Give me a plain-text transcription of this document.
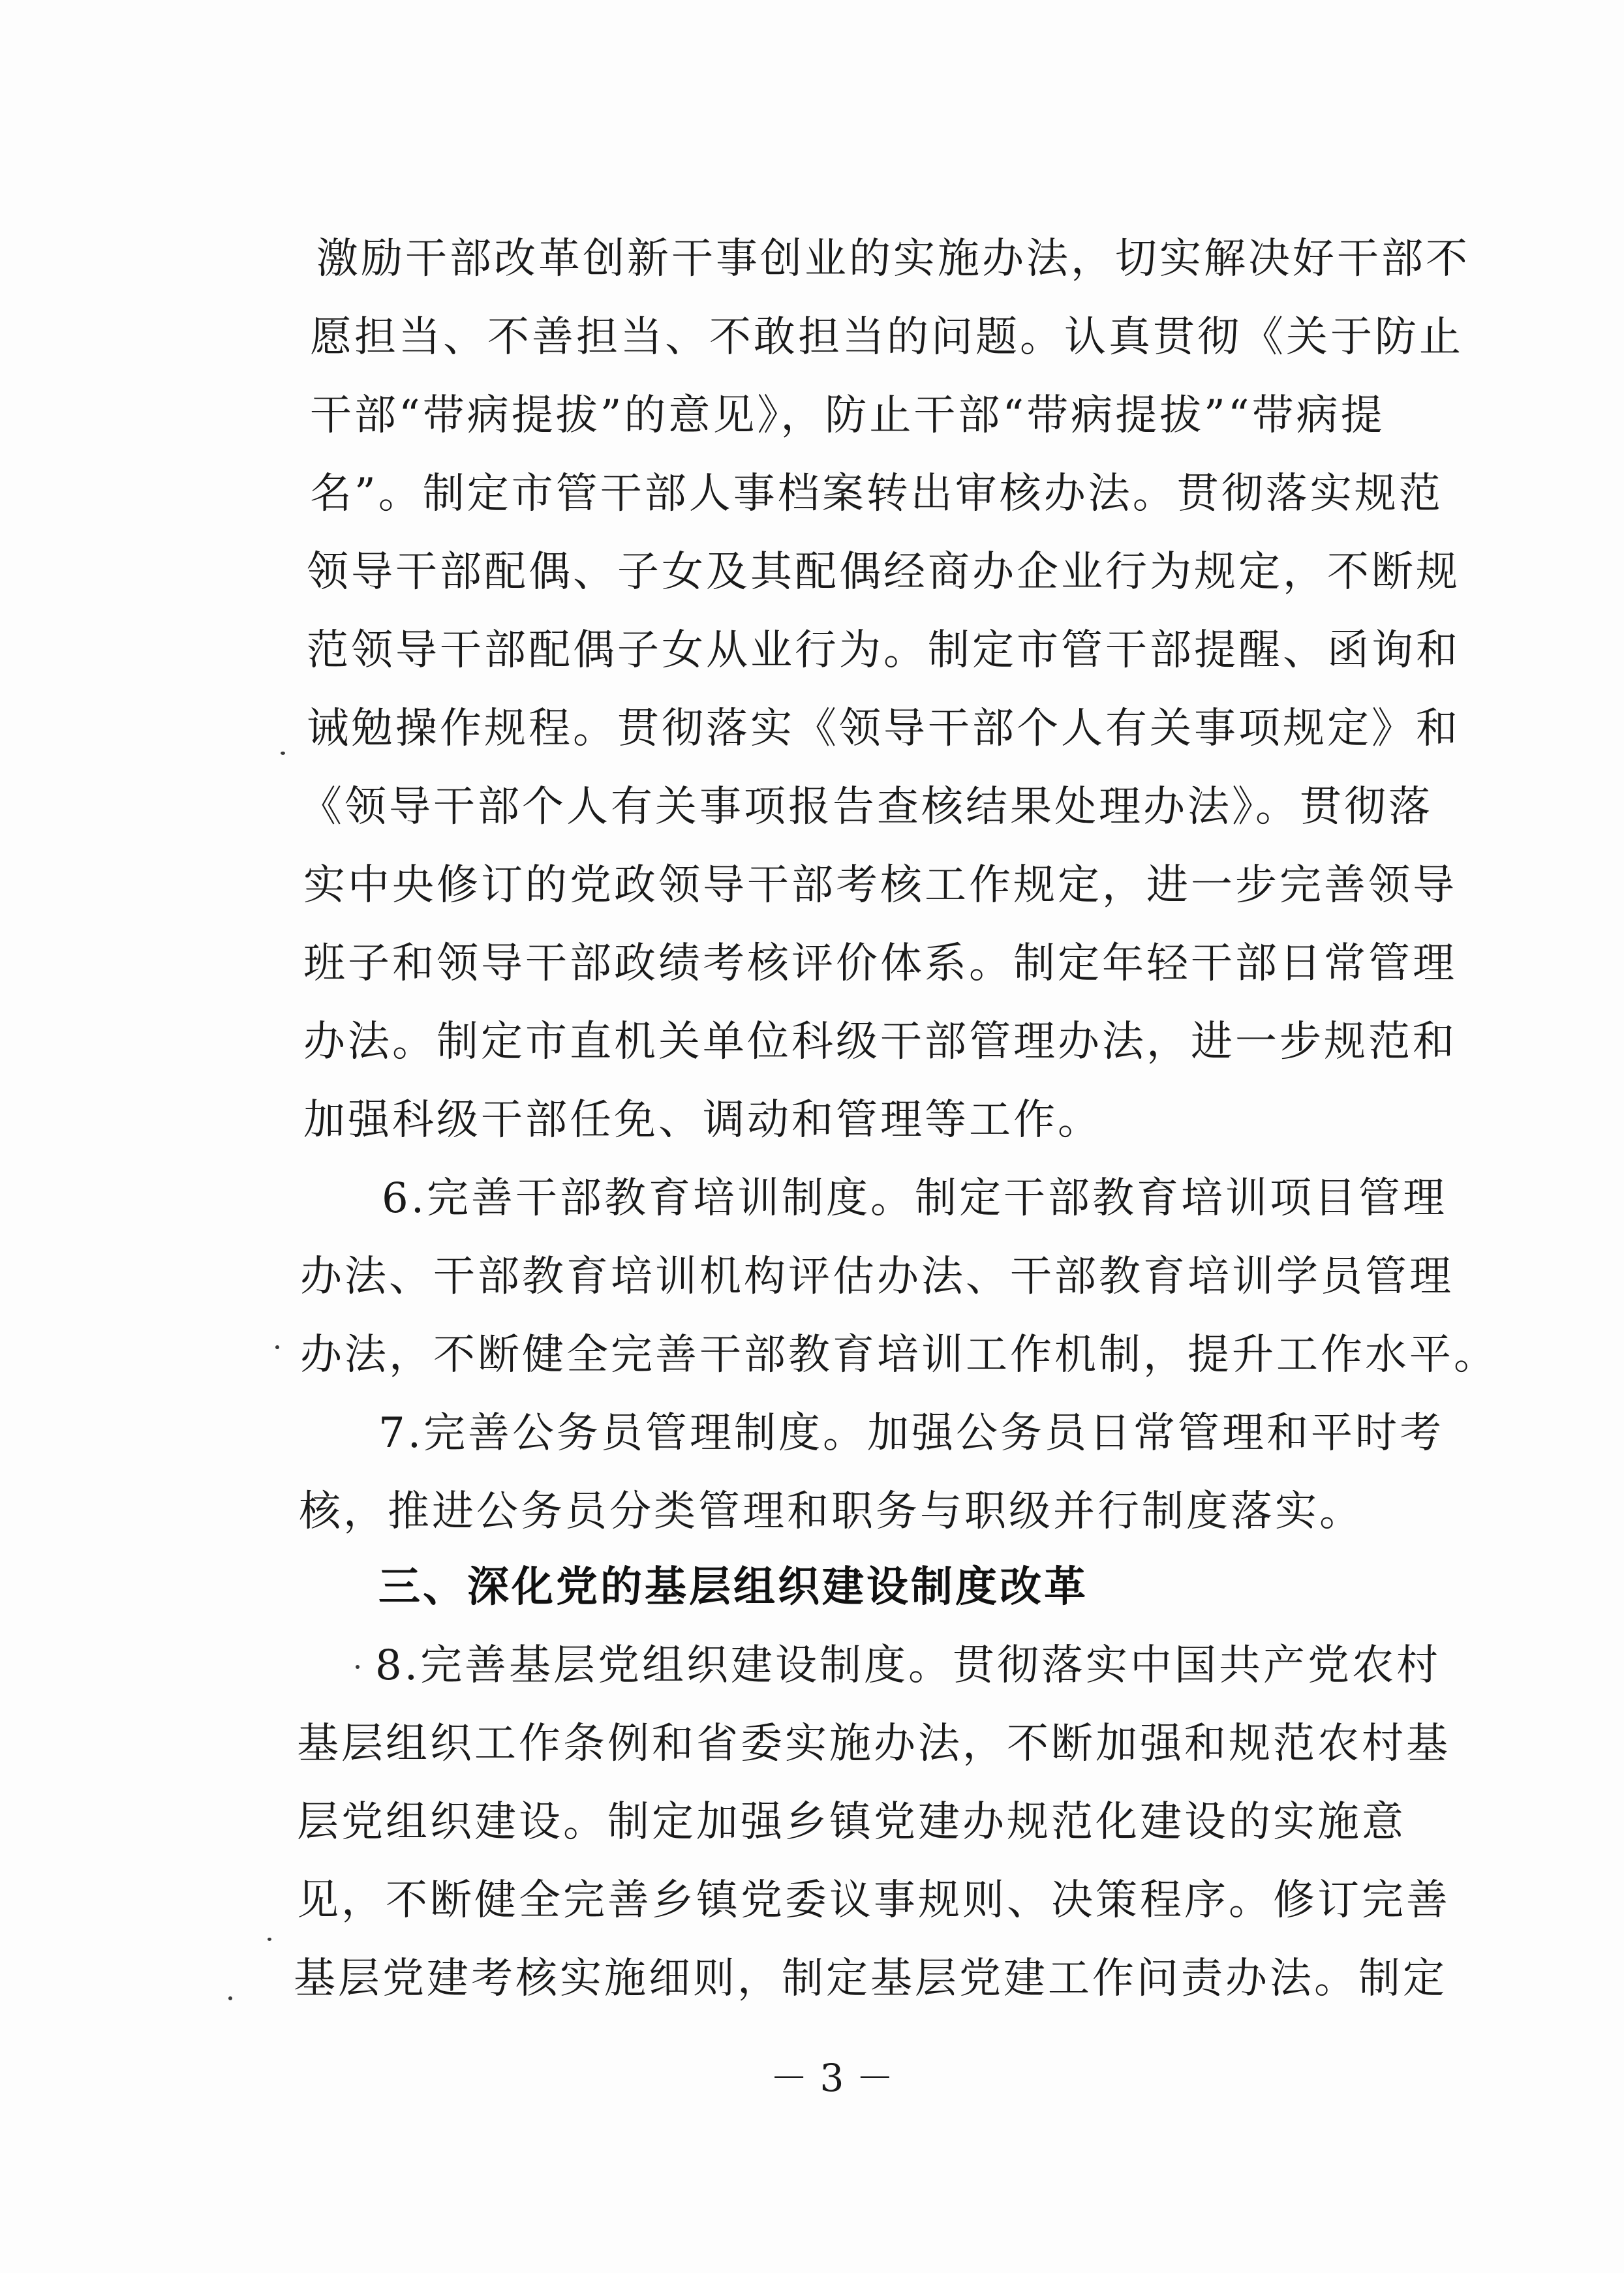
激励干部改革创新干事创业的实施办法，切实解决好干部不
愿担当、不善担当、不敢担当的问题。认真贯彻《关于防止
干部“带病提拔”的意见》，防止干部“带病提拔”“带病提
名”。制定市管干部人事档案转出审核办法。贯彻落实规范
领导干部配偶、子女及其配偶经商办企业行为规定，不断规
范领导干部配偶子女从业行为。制定市管干部提醒、函询和
诫勉操作规程。贯彻落实《领导干部个人有关事项规定》和
《领导干部个人有关事项报告查核结果处理办法》。贯彻落
实中央修订的党政领导干部考核工作规定，进一步完善领导
班子和领导干部政绩考核评价体系。制定年轻干部日常管理
办法。制定市直机关单位科级干部管理办法，进一步规范和
加强科级干部任免、调动和管理等工作。
6.完善干部教育培训制度。制定干部教育培训项目管理
办法、干部教育培训机构评估办法、干部教育培训学员管理
办法，不断健全完善干部教育培训工作机制，提升工作水平。
7.完善公务员管理制度。加强公务员日常管理和平时考
核，推进公务员分类管理和职务与职级并行制度落实。
三、深化党的基层组织建设制度改革
8.完善基层党组织建设制度。贯彻落实中国共产党农村
基层组织工作条例和省委实施办法，不断加强和规范农村基
层党组织建设。制定加强乡镇党建办规范化建设的实施意
见，不断健全完善乡镇党委议事规则、决策程序。修订完善
基层党建考核实施细则，制定基层党建工作问责办法。制定
－ 3 －
